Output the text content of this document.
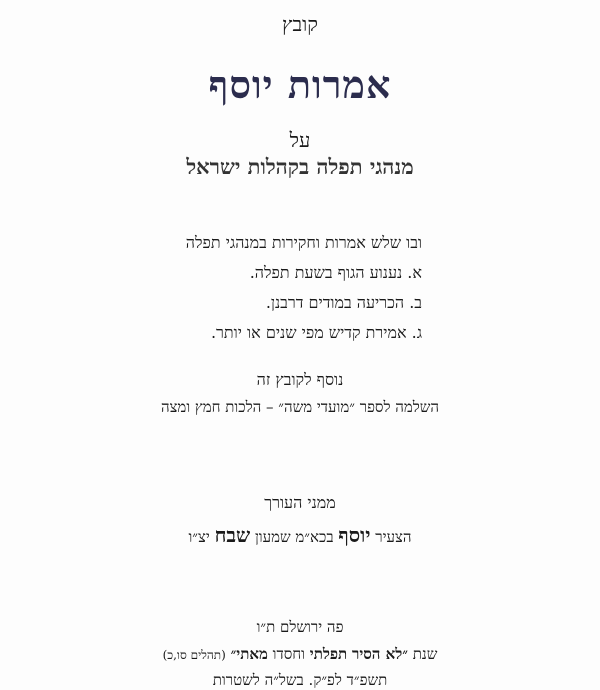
קובץ
אמרות יוסף
על
מנהגי תפלה בקהלות ישראל
ובו שלש אמרות וחקירות במנהגי תפלה
א. נענוע הגוף בשעת תפלה.
ב. הכריעה במודים דרבנן.
ג. אמירת קדיש מפי שנים או יותר.
נוסף לקובץ זה
השלמה לספר ״מועדי משה״ – הלכות חמץ ומצה
ממני העורך
הצעיר יוסף בכא״מ שמעון שבח יצ״ו
פה ירושלם ת״ו
שנת ״לא הסיר תפלתי וחסדו מאתי״ (תהלים סו,כ)
תשפ״ד לפ״ק. בשל״ה לשטרות
